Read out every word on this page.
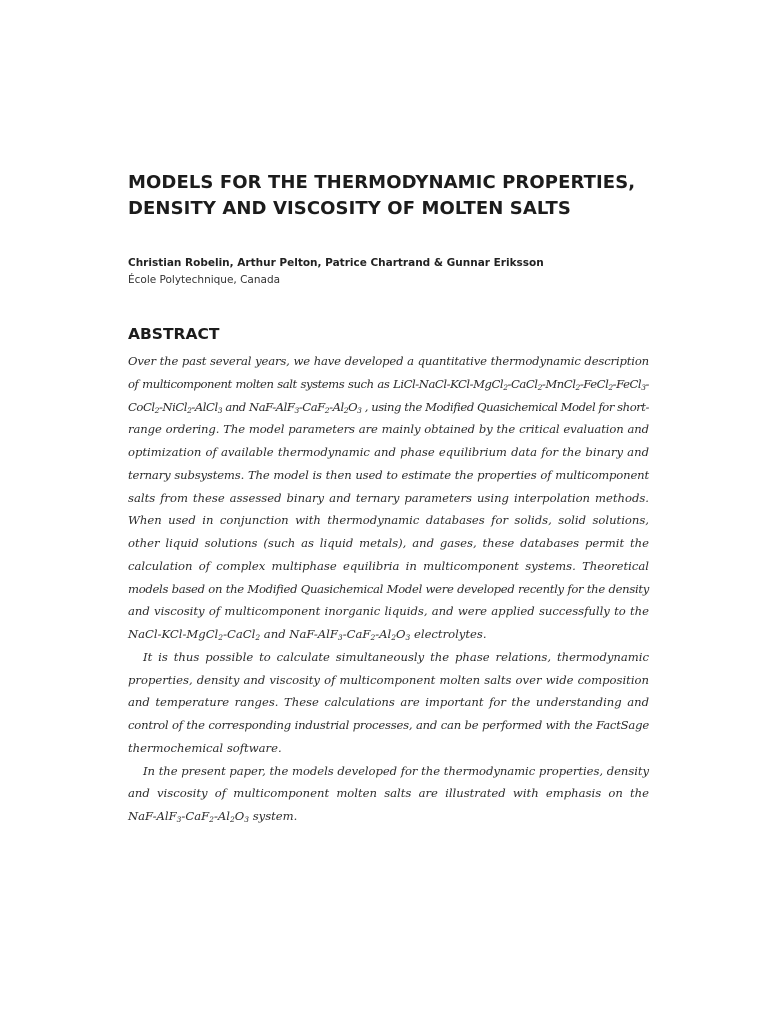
MODELS FOR THE THERMODYNAMIC PROPERTIES,
DENSITY AND VISCOSITY OF MOLTEN SALTS

Christian Robelin, Arthur Pelton, Patrice Chartrand & Gunnar Eriksson

École Polytechnique, Canada

ABSTRACT
Over the past several years, we have developed a quantitative thermodynamic description
of multicomponent molten salt systems such as LiCl-NaCl-KCl-MgCl$_2$-CaCl$_2$-MnCl$_2$-FeCl$_2$-FeCl$_3$-
CoCl$_2$-NiCl$_2$-AlCl$_3$ and NaF-$AlF_3-CaF_2-Al_2O_3$ , using the Modified Quasichemical Model for short-
range ordering. The model parameters are mainly obtained by the critical evaluation and
optimization of available thermodynamic and phase equilibrium data for the binary and
ternary subsystems. The model is then used to estimate the properties of multicomponent
salts from these assessed binary and ternary parameters using interpolation methods.
When used in conjunction with thermodynamic databases for solids, solid solutions,
other liquid solutions (such as liquid metals), and gases, these databases permit the
calculation of complex multiphase equilibria in multicomponent systems. Theoretical
models based on the Modified Quasichemical Model were developed recently for the density
and viscosity of multicomponent inorganic liquids, and were applied successfully to the
NaCl-KCl-MgCl$_2$-CaCl$_2$ and NaF-$AlF_3-CaF_2-Al_2O_3$ electrolytes.
It is thus possible to calculate simultaneously the phase relations, thermodynamic
properties, density and viscosity of multicomponent molten salts over wide composition
and temperature ranges. These calculations are important for the understanding and
control of the corresponding industrial processes, and can be performed with the FactSage
thermochemical software.
In the present paper, the models developed for the thermodynamic properties, density
and viscosity of multicomponent molten salts are illustrated with emphasis on the
NaF-$AlF_3-CaF_2-Al_2O_3$ system.
